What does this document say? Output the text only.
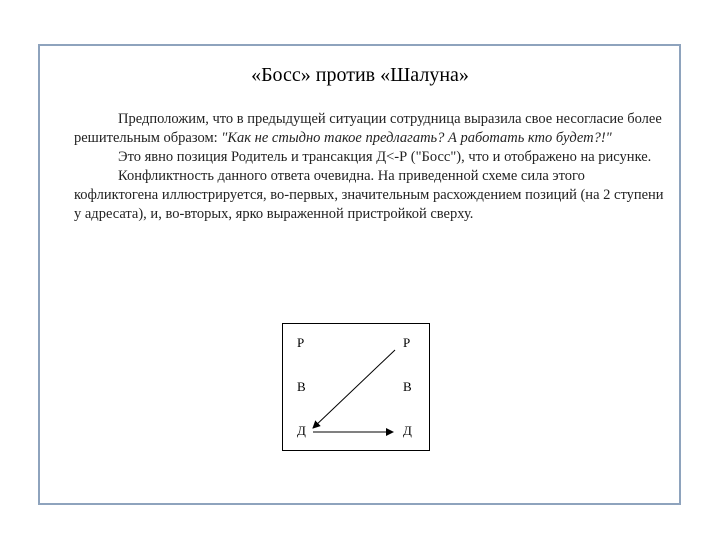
«Босс» против «Шалуна»

Предположим, что в предыдущей ситуации сотрудница выразила свое несогласие более решительным образом: "Как не стыдно такое предлагать? А работать кто будет?!"

Это явно позиция Родитель и трансакция Д<-Р ("Босс"), что и отображено на рисунке.

Конфликтность данного ответа очевидна. На приведенной схеме сила этого кофликтогена иллюстрируется, во-первых, значительным расхождением позиций (на 2 ступени у адресата), и, во-вторых, ярко выраженной пристройкой сверху.

Р
В
Д
Р
В
Д
